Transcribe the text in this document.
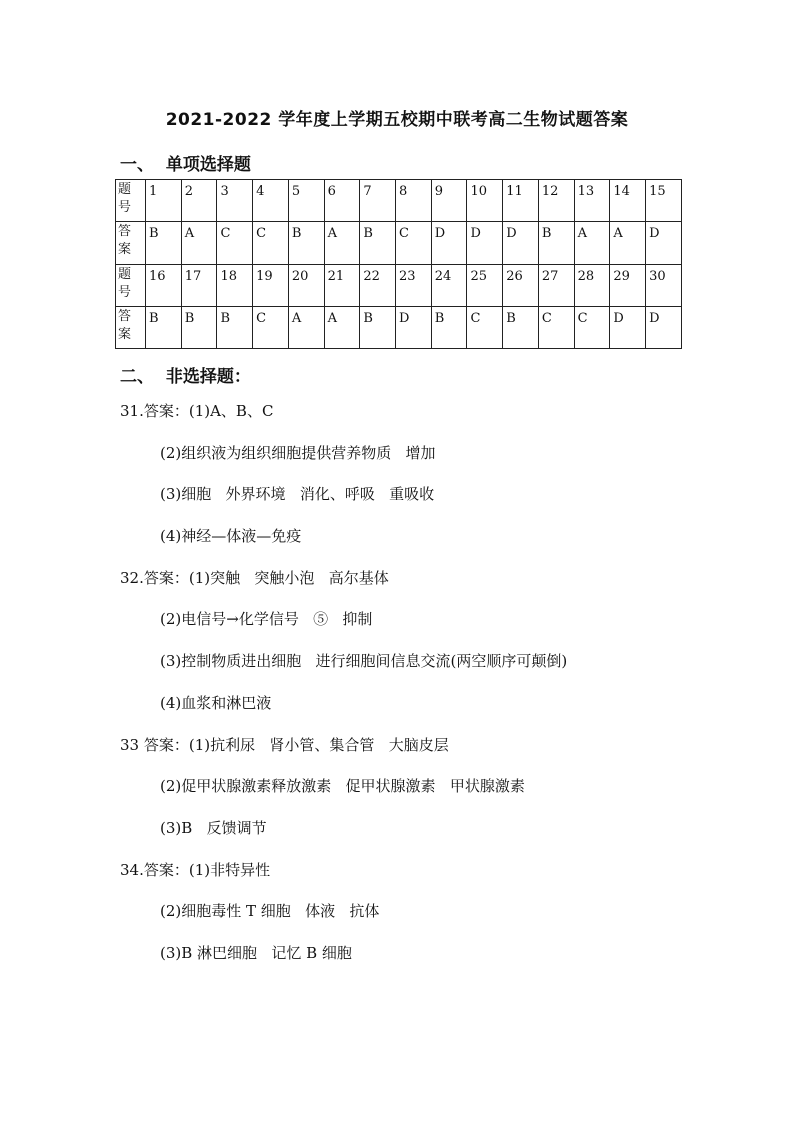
2021-2022 学年度上学期五校期中联考高二生物试题答案
一、  单项选择题
题号	1	2	3	4	5	6	7	8	9	10	11	12	13	14	15
答案	B	A	C	C	B	A	B	C	D	D	D	B	A	A	D
题号	16	17	18	19	20	21	22	23	24	25	26	27	28	29	30
答案	B	B	B	C	A	A	B	D	B	C	B	C	C	D	D
二、  非选择题：
31.答案：(1)A、B、C
(2)组织液为组织细胞提供营养物质   增加
(3)细胞   外界环境   消化、呼吸   重吸收
(4)神经—体液—免疫
32.答案：(1)突触   突触小泡   高尔基体
(2)电信号→化学信号   ⑤   抑制
(3)控制物质进出细胞   进行细胞间信息交流(两空顺序可颠倒)
(4)血浆和淋巴液
33 答案：(1)抗利尿   肾小管、集合管   大脑皮层
(2)促甲状腺激素释放激素   促甲状腺激素   甲状腺激素
(3)B   反馈调节
34.答案：(1)非特异性
(2)细胞毒性 T 细胞   体液   抗体
(3)B 淋巴细胞   记忆 B 细胞
